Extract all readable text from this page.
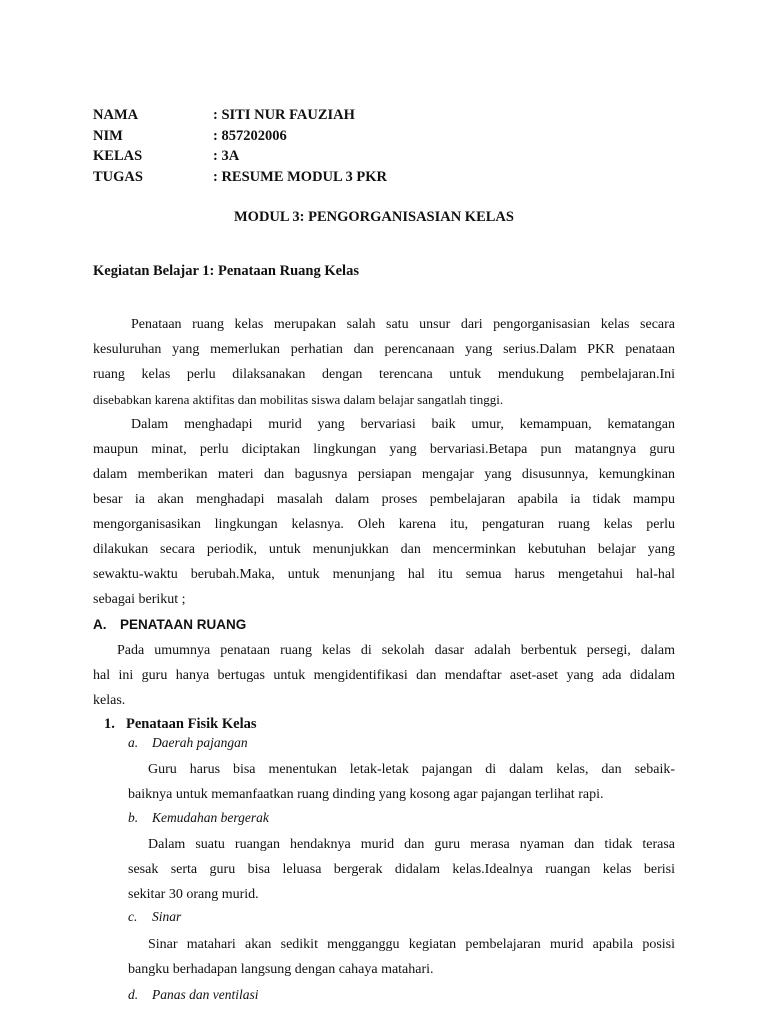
NAMA	: SITI NUR FAUZIAH
NIM	: 857202006
KELAS	: 3A
TUGAS	: RESUME MODUL 3 PKR
MODUL 3: PENGORGANISASIAN KELAS
Kegiatan Belajar 1: Penataan Ruang Kelas
Penataan ruang kelas merupakan salah satu unsur dari pengorganisasian kelas secara
kesuluruhan yang memerlukan perhatian dan perencanaan yang serius.Dalam PKR penataan
ruang kelas perlu dilaksanakan dengan terencana untuk mendukung pembelajaran.Ini
disebabkan karena aktifitas dan mobilitas siswa dalam belajar sangatlah tinggi.
Dalam menghadapi murid yang bervariasi baik umur, kemampuan, kematangan
maupun minat, perlu diciptakan lingkungan yang bervariasi.Betapa pun matangnya guru
dalam memberikan materi dan bagusnya persiapan mengajar yang disusunnya, kemungkinan
besar ia akan menghadapi masalah dalam proses pembelajaran apabila ia tidak mampu
mengorganisasikan lingkungan kelasnya. Oleh karena itu, pengaturan ruang kelas perlu
dilakukan secara periodik, untuk menunjukkan dan mencerminkan kebutuhan belajar yang
sewaktu-waktu berubah.Maka, untuk menunjang hal itu semua harus mengetahui hal-hal
sebagai berikut ;
A. PENATAAN RUANG
Pada umumnya penataan ruang kelas di sekolah dasar adalah berbentuk persegi, dalam
hal ini guru hanya bertugas untuk mengidentifikasi dan mendaftar aset-aset yang ada didalam
kelas.
1. Penataan Fisik Kelas
a. Daerah pajangan
Guru harus bisa menentukan letak-letak pajangan di dalam kelas, dan sebaik-
baiknya untuk memanfaatkan ruang dinding yang kosong agar pajangan terlihat rapi.
b. Kemudahan bergerak
Dalam suatu ruangan hendaknya murid dan guru merasa nyaman dan tidak terasa
sesak serta guru bisa leluasa bergerak didalam kelas.Idealnya ruangan kelas berisi
sekitar 30 orang murid.
c. Sinar
Sinar matahari akan sedikit mengganggu kegiatan pembelajaran murid apabila posisi
bangku berhadapan langsung dengan cahaya matahari.
d. Panas dan ventilasi
